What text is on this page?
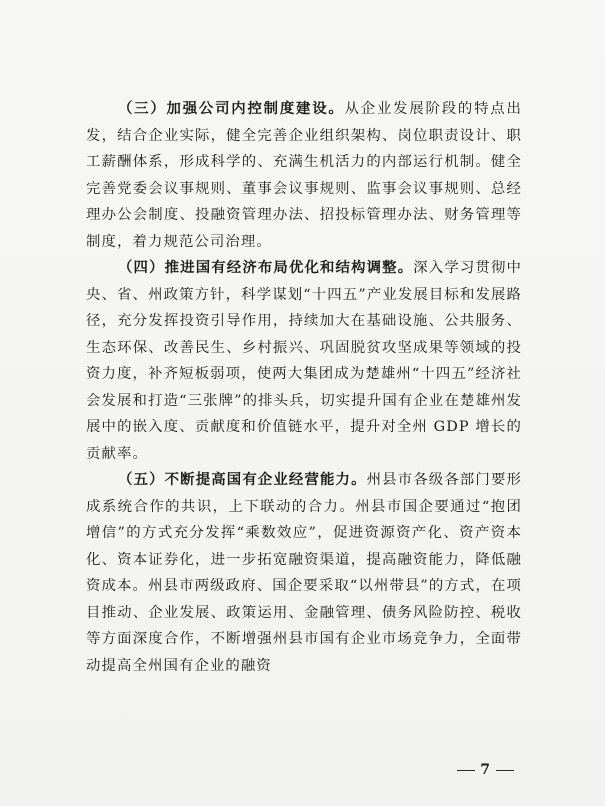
（三）加强公司内控制度建设。从企业发展阶段的特点出发，结合企业实际，健全完善企业组织架构、岗位职责设计、职工薪酬体系，形成科学的、充满生机活力的内部运行机制。健全完善党委会议事规则、董事会议事规则、监事会议事规则、总经理办公会制度、投融资管理办法、招投标管理办法、财务管理等制度，着力规范公司治理。

（四）推进国有经济布局优化和结构调整。深入学习贯彻中央、省、州政策方针，科学谋划“十四五”产业发展目标和发展路径，充分发挥投资引导作用，持续加大在基础设施、公共服务、生态环保、改善民生、乡村振兴、巩固脱贫攻坚成果等领域的投资力度，补齐短板弱项，使两大集团成为楚雄州“十四五”经济社会发展和打造“三张牌”的排头兵，切实提升国有企业在楚雄州发展中的嵌入度、贡献度和价值链水平，提升对全州 GDP 增长的贡献率。

（五）不断提高国有企业经营能力。州县市各级各部门要形成系统合作的共识，上下联动的合力。州县市国企要通过“抱团增信”的方式充分发挥“乘数效应”，促进资源资产化、资产资本化、资本证券化，进一步拓宽融资渠道，提高融资能力，降低融资成本。州县市两级政府、国企要采取“以州带县”的方式，在项目推动、企业发展、政策运用、金融管理、债务风险防控、税收等方面深度合作，不断增强州县市国有企业市场竞争力，全面带动提高全州国有企业的融资

7
